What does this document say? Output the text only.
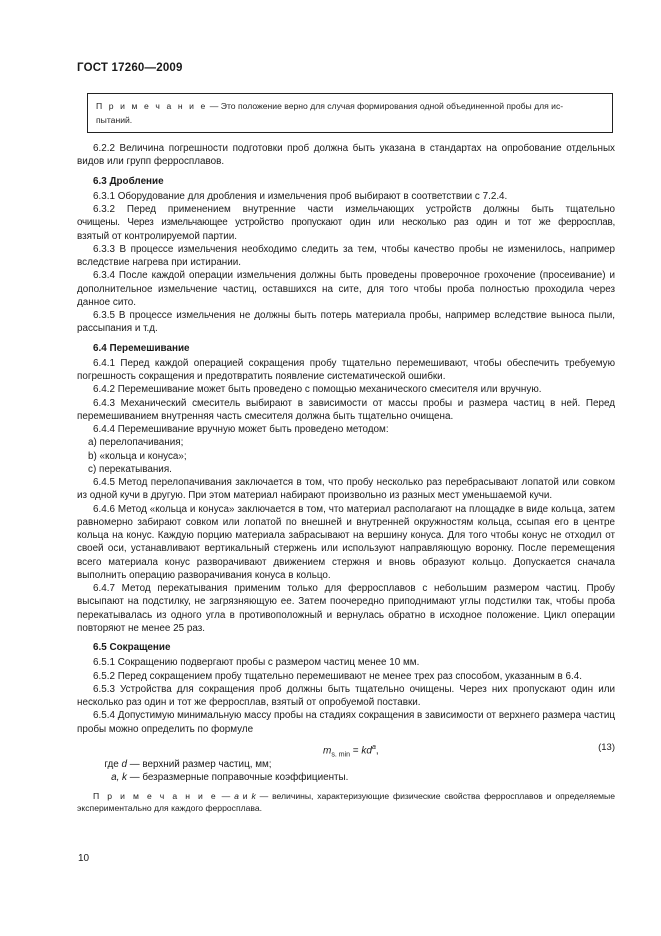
ГОСТ 17260—2009
П р и м е ч а н и е — Это положение верно для случая формирования одной объединенной пробы для ис-
пытаний.

6.2.2 Величина погрешности подготовки проб должна быть указана в стандартах на опробование отдельных видов или групп ферросплавов.

6.3 Дробление

6.3.1 Оборудование для дробления и измельчения проб выбирают в соответствии с 7.2.4.

6.3.2 Перед применением внутренние части измельчающих устройств должны быть тщательно

очищены. Через измельчающее устройство пропускают один или несколько раз один и тот же ферросплав,

взятый от контролируемой партии.

6.3.3 В процессе измельчения необходимо следить за тем, чтобы качество пробы не изменилось, например вследствие нагрева при истирании.

6.3.4 После каждой операции измельчения должны быть проведены проверочное грохочение (просеивание) и дополнительное измельчение частиц, оставшихся на сите, для того чтобы проба полностью проходила через данное сито.

6.3.5 В процессе измельчения не должны быть потерь материала пробы, например вследствие выноса пыли, рассыпания и т.д.

6.4 Перемешивание

6.4.1 Перед каждой операцией сокращения пробу тщательно перемешивают, чтобы обеспечить требуемую погрешность сокращения и предотвратить появление систематической ошибки.

6.4.2 Перемешивание может быть проведено с помощью механического смесителя или вручную.

6.4.3 Механический смеситель выбирают в зависимости от массы пробы и размера частиц в ней. Перед перемешиванием внутренняя часть смесителя должна быть тщательно очищена.

6.4.4 Перемешивание вручную может быть проведено методом:

а) перелопачивания;

b) «кольца и конуса»;

с) перекатывания.

6.4.5 Метод перелопачивания заключается в том, что пробу несколько раз перебрасывают лопатой или совком из одной кучи в другую. При этом материал набирают произвольно из разных мест уменьшаемой кучи.

6.4.6 Метод «кольца и конуса» заключается в том, что материал располагают на площадке в виде кольца, затем равномерно забирают совком или лопатой по внешней и внутренней окружностям кольца, ссыпая его в центре кольца на конус. Каждую порцию материала забрасывают на вершину конуса. Для того чтобы конус не отходил от своей оси, устанавливают вертикальный стержень или используют направляющую воронку. После перемещения всего материала конус разворачивают движением стержня и вновь образуют кольцо. Допускается сначала выполнить операцию разворачивания конуса в кольцо.

6.4.7 Метод перекатывания применим только для ферросплавов с небольшим размером частиц. Пробу высыпают на подстилку, не загрязняющую ее. Затем поочередно приподнимают углы подстилки так, чтобы проба перекатывалась из одного угла в противоположный и вернулась обратно в исходное положение. Цикл операции повторяют не менее 25 раз.

6.5 Сокращение

6.5.1 Сокращению подвергают пробы с размером частиц менее 10 мм.

6.5.2 Перед сокращением пробу тщательно перемешивают не менее трех раз способом, указанным в 6.4.

6.5.3 Устройства для сокращения проб должны быть тщательно очищены. Через них пропускают один или несколько раз один и тот же ферросплав, взятый от опробуемой поставки.

6.5.4 Допустимую минимальную массу пробы на стадиях сокращения в зависимости от верхнего размера частиц пробы можно определить по формуле

$m_{s. min} = kd^a$,	(13)

где d — верхний размер частиц, мм;

a, k — безразмерные поправочные коэффициенты.

П р и м е ч а н и е — a и k — величины, характеризующие физические свойства ферросплавов и определяемые экспериментально для каждого ферросплава.

10
